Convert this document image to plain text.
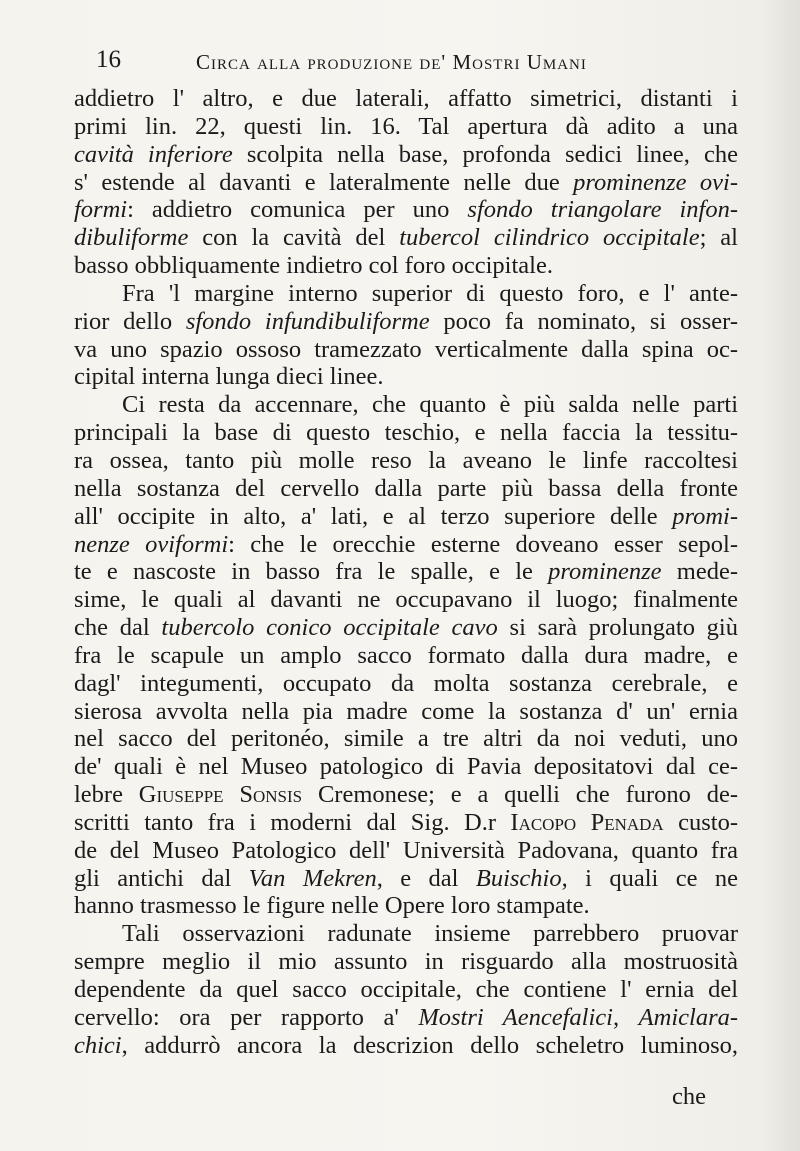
16	Circa alla produzione de' Mostri Umani
addietro l' altro, e due laterali, affatto simetrici, distanti i
primi lin. 22, questi lin. 16. Tal apertura dà adito a una
cavità inferiore scolpita nella base, profonda sedici linee, che
s' estende al davanti e lateralmente nelle due prominenze ovi-
formi: addietro comunica per uno sfondo triangolare infon-
dibuliforme con la cavità del tubercol cilindrico occipitale; al
basso obbliquamente indietro col foro occipitale.
Fra 'l margine interno superior di questo foro, e l' ante-
rior dello sfondo infundibuliforme poco fa nominato, si osser-
va uno spazio ossoso tramezzato verticalmente dalla spina oc-
cipital interna lunga dieci linee.
Ci resta da accennare, che quanto è più salda nelle parti
principali la base di questo teschio, e nella faccia la tessitu-
ra ossea, tanto più molle reso la aveano le linfe raccoltesi
nella sostanza del cervello dalla parte più bassa della fronte
all' occipite in alto, a' lati, e al terzo superiore delle promi-
nenze oviformi: che le orecchie esterne doveano esser sepol-
te e nascoste in basso fra le spalle, e le prominenze mede-
sime, le quali al davanti ne occupavano il luogo; finalmente
che dal tubercolo conico occipitale cavo si sarà prolungato giù
fra le scapule un amplo sacco formato dalla dura madre, e
dagl' integumenti, occupato da molta sostanza cerebrale, e
sierosa avvolta nella pia madre come la sostanza d' un' ernia
nel sacco del peritonéo, simile a tre altri da noi veduti, uno
de' quali è nel Museo patologico di Pavia depositatovi dal ce-
lebre Giuseppe Sonsis Cremonese; e a quelli che furono de-
scritti tanto fra i moderni dal Sig. D.r Iacopo Penada custo-
de del Museo Patologico dell' Università Padovana, quanto fra
gli antichi dal Van Mekren, e dal Buischio, i quali ce ne
hanno trasmesso le figure nelle Opere loro stampate.
Tali osservazioni radunate insieme parrebbero pruovar
sempre meglio il mio assunto in risguardo alla mostruosità
dependente da quel sacco occipitale, che contiene l' ernia del
cervello: ora per rapporto a' Mostri Aencefalici, Amiclara-
chici, addurrò ancora la descrizion dello scheletro luminoso,
che
